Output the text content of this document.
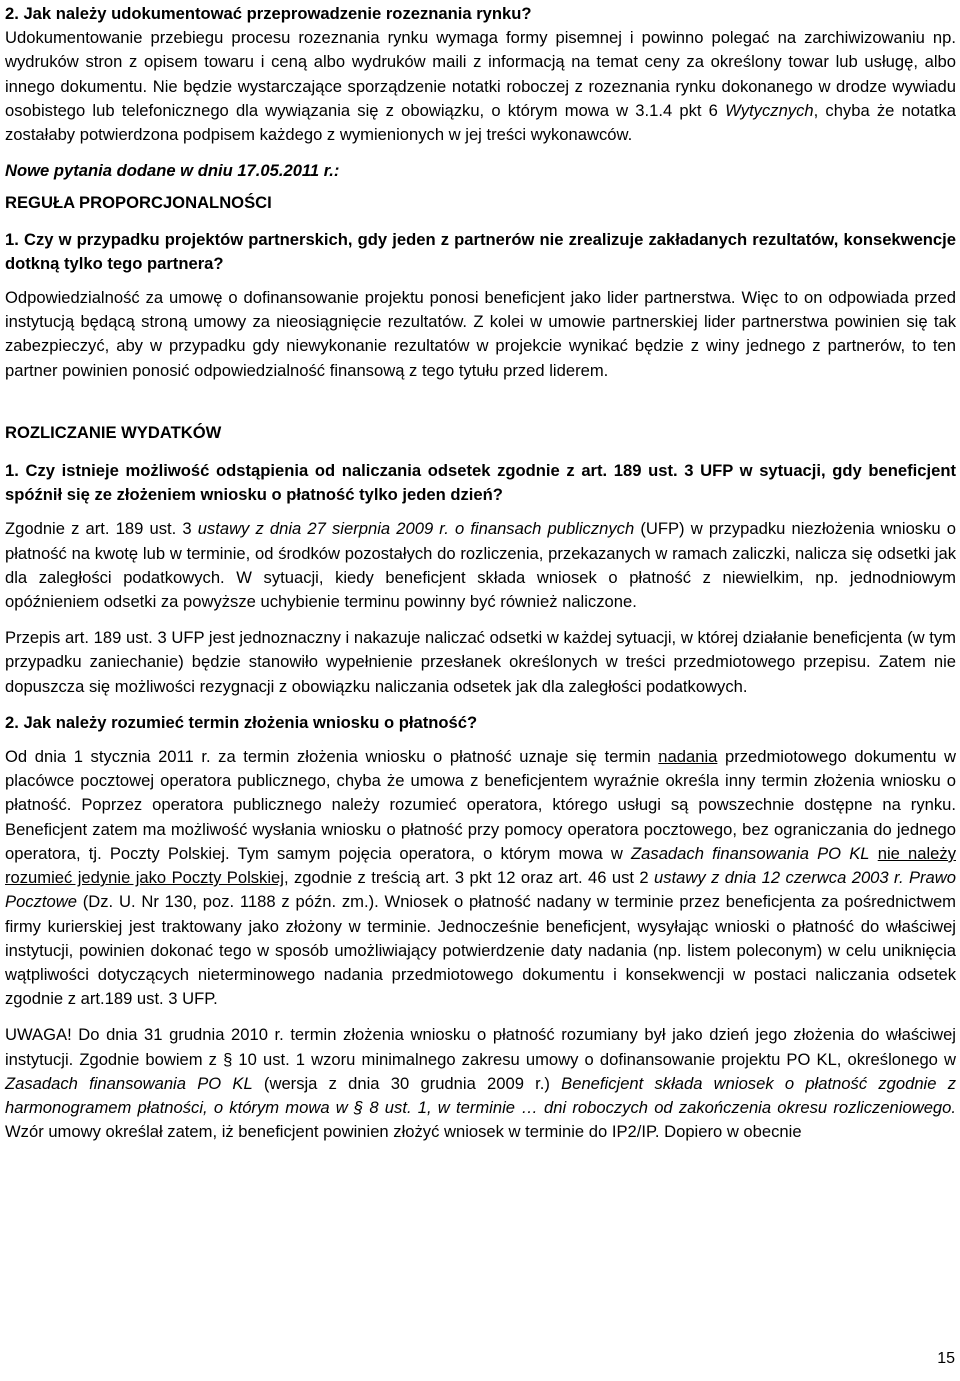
2. Jak należy udokumentować przeprowadzenie rozeznania rynku?

Udokumentowanie przebiegu procesu rozeznania rynku wymaga formy pisemnej i powinno polegać na zarchiwizowaniu np. wydruków stron z opisem towaru i ceną albo wydruków maili z informacją na temat ceny za określony towar lub usługę, albo innego dokumentu. Nie będzie wystarczające sporządzenie notatki roboczej z rozeznania rynku dokonanego w drodze wywiadu osobistego lub telefonicznego dla wywiązania się z obowiązku, o którym mowa w 3.1.4 pkt 6 Wytycznych, chyba że notatka zostałaby potwierdzona podpisem każdego z wymienionych w jej treści wykonawców.

Nowe pytania dodane w dniu 17.05.2011 r.:

REGUŁA PROPORCJONALNOŚCI

1. Czy w przypadku projektów partnerskich, gdy jeden z partnerów nie zrealizuje zakładanych rezultatów, konsekwencje dotkną tylko tego partnera?

Odpowiedzialność za umowę o dofinansowanie projektu ponosi beneficjent jako lider partnerstwa. Więc to on odpowiada przed instytucją będącą stroną umowy za nieosiągnięcie rezultatów. Z kolei w umowie partnerskiej lider partnerstwa powinien się tak zabezpieczyć, aby w przypadku gdy niewykonanie rezultatów w projekcie wynikać będzie z winy jednego z partnerów, to ten partner powinien ponosić odpowiedzialność finansową z tego tytułu przed liderem.

ROZLICZANIE WYDATKÓW

1. Czy istnieje możliwość odstąpienia od naliczania odsetek zgodnie z art. 189 ust. 3 UFP w sytuacji, gdy beneficjent spóźnił się ze złożeniem wniosku o płatność tylko jeden dzień?

Zgodnie z art. 189 ust. 3 ustawy z dnia 27 sierpnia 2009 r. o finansach publicznych (UFP) w przypadku niezłożenia wniosku o płatność na kwotę lub w terminie, od środków pozostałych do rozliczenia, przekazanych w ramach zaliczki, nalicza się odsetki jak dla zaległości podatkowych. W sytuacji, kiedy beneficjent składa wniosek o płatność z niewielkim, np. jednodniowym opóźnieniem odsetki za powyższe uchybienie terminu powinny być również naliczone.

Przepis art. 189 ust. 3 UFP jest jednoznaczny i nakazuje naliczać odsetki w każdej sytuacji, w której działanie beneficjenta (w tym przypadku zaniechanie) będzie stanowiło wypełnienie przesłanek określonych w treści przedmiotowego przepisu. Zatem nie dopuszcza się możliwości rezygnacji z obowiązku naliczania odsetek jak dla zaległości podatkowych.

2. Jak należy rozumieć termin złożenia wniosku o płatność?

Od dnia 1 stycznia 2011 r. za termin złożenia wniosku o płatność uznaje się termin nadania przedmiotowego dokumentu w placówce pocztowej operatora publicznego, chyba że umowa z beneficjentem wyraźnie określa inny termin złożenia wniosku o płatność. Poprzez operatora publicznego należy rozumieć operatora, którego usługi są powszechnie dostępne na rynku. Beneficjent zatem ma możliwość wysłania wniosku o płatność przy pomocy operatora pocztowego, bez ograniczania do jednego operatora, tj. Poczty Polskiej. Tym samym pojęcia operatora, o którym mowa w Zasadach finansowania PO KL nie należy rozumieć jedynie jako Poczty Polskiej, zgodnie z treścią art. 3 pkt 12 oraz art. 46 ust 2 ustawy z dnia 12 czerwca 2003 r. Prawo Pocztowe (Dz. U. Nr 130, poz. 1188 z późn. zm.). Wniosek o płatność nadany w terminie przez beneficjenta za pośrednictwem firmy kurierskiej jest traktowany jako złożony w terminie. Jednocześnie beneficjent, wysyłając wnioski o płatność do właściwej instytucji, powinien dokonać tego w sposób umożliwiający potwierdzenie daty nadania (np. listem poleconym) w celu uniknięcia wątpliwości dotyczących nieterminowego nadania przedmiotowego dokumentu i konsekwencji w postaci naliczania odsetek zgodnie z art.189 ust. 3 UFP.

UWAGA! Do dnia 31 grudnia 2010 r. termin złożenia wniosku o płatność rozumiany był jako dzień jego złożenia do właściwej instytucji. Zgodnie bowiem z § 10 ust. 1 wzoru minimalnego zakresu umowy o dofinansowanie projektu PO KL, określonego w Zasadach finansowania PO KL (wersja z dnia 30 grudnia 2009 r.) Beneficjent składa wniosek o płatność zgodnie z harmonogramem płatności, o którym mowa w § 8 ust. 1, w terminie … dni roboczych od zakończenia okresu rozliczeniowego. Wzór umowy określał zatem, iż beneficjent powinien złożyć wniosek w terminie do IP2/IP. Dopiero w obecnie

15
